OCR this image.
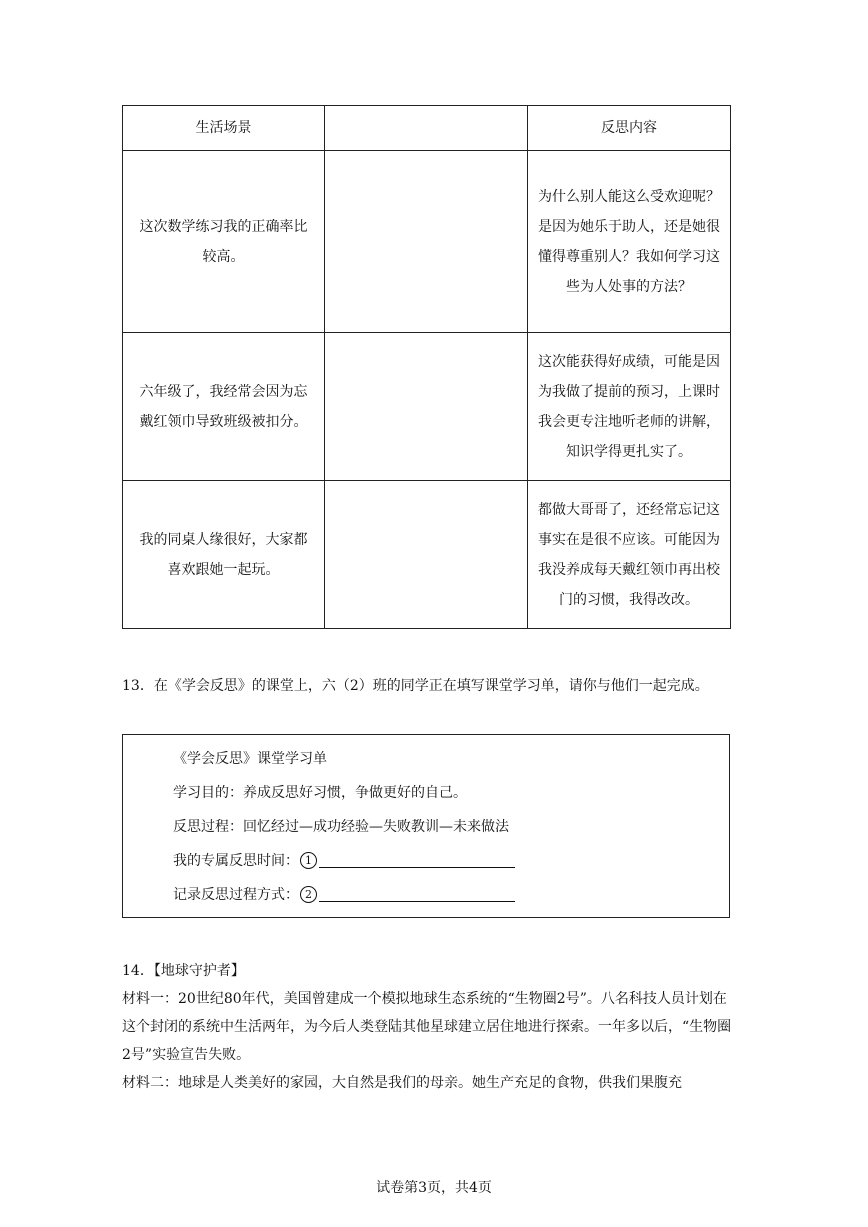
生活场景		反思内容
这次数学练习我的正确率比较高。		为什么别人能这么受欢迎呢？是因为她乐于助人，还是她很懂得尊重别人？我如何学习这些为人处事的方法？
六年级了，我经常会因为忘戴红领巾导致班级被扣分。		这次能获得好成绩，可能是因为我做了提前的预习，上课时我会更专注地听老师的讲解，知识学得更扎实了。
我的同桌人缘很好，大家都喜欢跟她一起玩。		都做大哥哥了，还经常忘记这事实在是很不应该。可能因为我没养成每天戴红领巾再出校门的习惯，我得改改。

13．在《学会反思》的课堂上，六（2）班的同学正在填写课堂学习单，请你与他们一起完成。

《学会反思》课堂学习单
学习目的：养成反思好习惯，争做更好的自己。
反思过程：回忆经过—成功经验—失败教训—未来做法
我的专属反思时间： 1
记录反思过程方式： 2

14．【地球守护者】

材料一：20世纪80年代，美国曾建成一个模拟地球生态系统的“生物圈2号”。八名科技人员计划在这个封闭的系统中生活两年，为今后人类登陆其他星球建立居住地进行探索。一年多以后，“生物圈2号”实验宣告失败。

材料二：地球是人类美好的家园，大自然是我们的母亲。她生产充足的食物，供我们果腹充

试卷第3页，共4页
